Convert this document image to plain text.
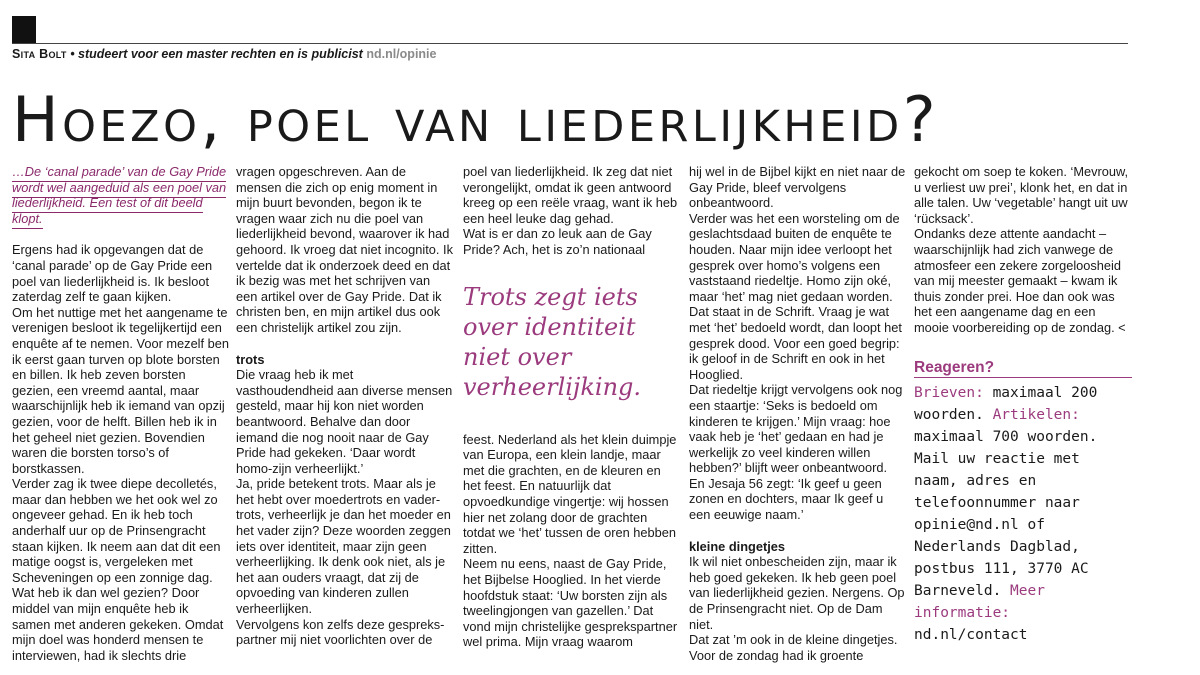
Sita Bolt • studeert voor een master rechten en is publicist nd.nl/opinie
Hoezo, poel van liederlijkheid?

…De ‘canal parade’ van de Gay Pride wordt wel aangeduid als een poel van liederlijkheid. Een test of dit beeld klopt.

Ergens had ik opgevangen dat de ‘canal parade’ op de Gay Pride een poel van liederlijkheid is. Ik besloot zaterdag zelf te gaan kijken.

Om het nuttige met het aangename te verenigen besloot ik tegelijkertijd een enquête af te nemen. Voor mezelf ben ik eerst gaan turven op blote borsten en billen. Ik heb zeven borsten gezien, een vreemd aantal, maar waarschijnlijk heb ik iemand van opzij gezien, voor de helft. Billen heb ik in het geheel niet gezien. Bovendien waren die borsten torso’s of borstkassen.

Verder zag ik twee diepe decolletés, maar dan hebben we het ook wel zo ongeveer gehad. En ik heb toch anderhalf uur op de Prinsengracht staan kijken. Ik neem aan dat dit een matige oogst is, vergeleken met Scheveningen op een zonnige dag.

Wat heb ik dan wel gezien? Door middel van mijn enquête heb ik samen met anderen gekeken. Omdat mijn doel was honderd mensen te interviewen, had ik slechts drie

vragen opgeschreven. Aan de mensen die zich op enig moment in mijn buurt bevonden, begon ik te vragen waar zich nu die poel van liederlijkheid bevond, waarover ik had gehoord. Ik vroeg dat niet incognito. Ik vertelde dat ik onderzoek deed en dat ik bezig was met het schrijven van een artikel over de Gay Pride. Dat ik christen ben, en mijn artikel dus ook een christelijk artikel zou zijn.

trots

Die vraag heb ik met vasthoudendheid aan diverse mensen gesteld, maar hij kon niet worden beantwoord. Behalve dan door iemand die nog nooit naar de Gay Pride had gekeken. ‘Daar wordt homo-zijn verheerlijkt.’

Ja, pride betekent trots. Maar als je het hebt over moedertrots en vader-trots, verheerlijk je dan het moeder en het vader zijn? Deze woorden zeggen iets over identiteit, maar zijn geen verheerlijking. Ik denk ook niet, als je het aan ouders vraagt, dat zij de opvoeding van kinderen zullen verheerlijken.

Vervolgens kon zelfs deze gespreks-partner mij niet voorlichten over de

poel van liederlijkheid. Ik zeg dat niet verongelijkt, omdat ik geen antwoord kreeg op een reële vraag, want ik heb een heel leuke dag gehad.

Wat is er dan zo leuk aan de Gay Pride? Ach, het is zo’n nationaal

Trots zegt iets over identiteit niet over verheerlijking.

feest. Nederland als het klein duimpje van Europa, een klein landje, maar met die grachten, en de kleuren en het feest. En natuurlijk dat opvoedkundige vingertje: wij hossen hier net zolang door de grachten totdat we ‘het’ tussen de oren hebben zitten.

Neem nu eens, naast de Gay Pride, het Bijbelse Hooglied. In het vierde hoofdstuk staat: ‘Uw borsten zijn als tweelingjongen van gazellen.’ Dat vond mijn christelijke gesprekspartner wel prima. Mijn vraag waarom

hij wel in de Bijbel kijkt en niet naar de Gay Pride, bleef vervolgens onbeantwoord.

Verder was het een worsteling om de geslachtsdaad buiten de enquête te houden. Naar mijn idee verloopt het gesprek over homo’s volgens een vaststaand riedeltje. Homo zijn oké, maar ‘het’ mag niet gedaan worden. Dat staat in de Schrift. Vraag je wat met ‘het’ bedoeld wordt, dan loopt het gesprek dood. Voor een goed begrip: ik geloof in de Schrift en ook in het Hooglied.

Dat riedeltje krijgt vervolgens ook nog een staartje: ‘Seks is bedoeld om kinderen te krijgen.’ Mijn vraag: hoe vaak heb je ‘het’ gedaan en had je werkelijk zo veel kinderen willen hebben?’ blijft weer onbeantwoord.

En Jesaja 56 zegt: ‘Ik geef u geen zonen en dochters, maar Ik geef u een eeuwige naam.’

kleine dingetjes

Ik wil niet onbescheiden zijn, maar ik heb goed gekeken. Ik heb geen poel van liederlijkheid gezien. Nergens. Op de Prinsengracht niet. Op de Dam niet.

Dat zat ’m ook in de kleine dingetjes. Voor de zondag had ik groente

gekocht om soep te koken. ‘Mevrouw, u verliest uw prei’, klonk het, en dat in alle talen. Uw ‘vegetable’ hangt uit uw ‘rücksack’.

Ondanks deze attente aandacht – waarschijnlijk had zich vanwege de atmosfeer een zekere zorgeloosheid van mij meester gemaakt – kwam ik thuis zonder prei. Hoe dan ook was het een aangename dag en een mooie voorbereiding op de zondag. <

Reageren?

Brieven: maximaal 200 woorden. Artikelen: maximaal 700 woorden. Mail uw reactie met naam, adres en telefoonnummer naar opinie@nd.nl of Nederlands Dagblad, postbus 111, 3770 AC Barneveld. Meer informatie: nd.nl/contact
